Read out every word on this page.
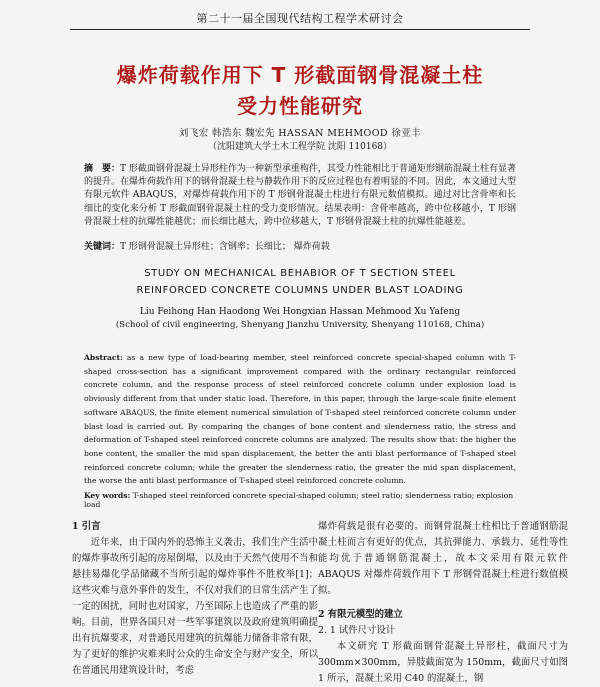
第二十一届全国现代结构工程学术研讨会
爆炸荷载作用下 T 形截面钢骨混凝土柱
受力性能研究
刘飞宏 韩浩东 魏宏先 HASSAN MEHMOOD 徐亚丰
（沈阳建筑大学土木工程学院 沈阳 110168）
摘　要：T 形截面钢骨混凝土异形柱作为一种新型承重构件，其受力性能相比于普通矩形钢筋混凝土柱有显著的提升。在爆炸荷载作用下的钢骨混凝土柱与静载作用下的反应过程也有着明显的不同。因此，本文通过大型有限元软件 ABAQUS，对爆炸荷载作用下的 T 形钢骨混凝土柱进行有限元数值模拟。通过对比含骨率和长细比的变化来分析 T 形截面钢骨混凝土柱的受力变形情况。结果表明：含骨率越高，跨中位移越小，T 形钢骨混凝土柱的抗爆性能越优；而长细比越大，跨中位移越大，T 形钢骨混凝土柱的抗爆性能越差。
关键词：T 形钢骨混凝土异形柱；含钢率；长细比； 爆炸荷载
STUDY ON MECHANICAL BEHABIOR OF T SECTION STEEL
REINFORCED CONCRETE COLUMNS UNDER BLAST LOADING
Liu Feihong Han Haodong Wei Hongxian Hassan Mehmood Xu Yafeng
(School of civil engineering, Shenyang Jianzhu University, Shenyang 110168, China)
Abstract: as a new type of load-bearing member, steel reinforced concrete special-shaped column with T-shaped cross-section has a significant improvement compared with the ordinary rectangular reinforced concrete column, and the response process of steel reinforced concrete column under explosion load is obviously different from that under static load. Therefore, in this paper, through the large-scale finite element software ABAQUS, the finite element numerical simulation of T-shaped steel reinforced concrete column under blast load is carried out. By comparing the changes of bone content and slenderness ratio, the stress and deformation of T-shaped steel reinforced concrete columns are analyzed. The results show that: the higher the bone content, the smaller the mid span displacement, the better the anti blast performance of T-shaped steel reinforced concrete column; while the greater the slenderness ratio, the greater the mid span displacement, the worse the anti blast performance of T-shaped steel reinforced concrete column.
Key words: T-shaped steel reinforced concrete special-shaped column; steel ratio; slenderness ratio; explosion load
1 引言

近年来，由于国内外的恐怖主义袭击，我们生产生活中的爆炸事故所引起的房屋倒塌，以及由于天然气使用不当和悬挂易爆化学品储藏不当所引起的爆炸事件不胜枚举[1]；这些灾难与意外事件的发生，不仅对我们的日常生活产生了一定的困扰，同时也对国家，乃至国际上也造成了严重的影响。目前，世界各国只对一些军事建筑以及政府建筑明确提出有抗爆要求，对普通民用建筑的抗爆能力储备非常有限，为了更好的维护灾难来时公众的生命安全与财产安全，所以在普通民用建筑设计时，考虑

爆炸荷载是很有必要的。而钢骨混凝土柱相比于普通钢筋混凝土柱而言有更好的优点，其抗弹能力、承载力、延性等性能均优于普通钢筋混凝土，故本文采用有限元软件 ABAQUS 对爆炸荷载作用下 T 形钢骨混凝土柱进行数值模拟。

2 有限元模型的建立
2. 1 试件尺寸设计

本文研究 T 形截面钢骨混凝土异形柱，截面尺寸为 300mm×300mm，异肢截面宽为 150mm，截面尺寸如图 1 所示，混凝土采用 C40 的混凝土，钢
